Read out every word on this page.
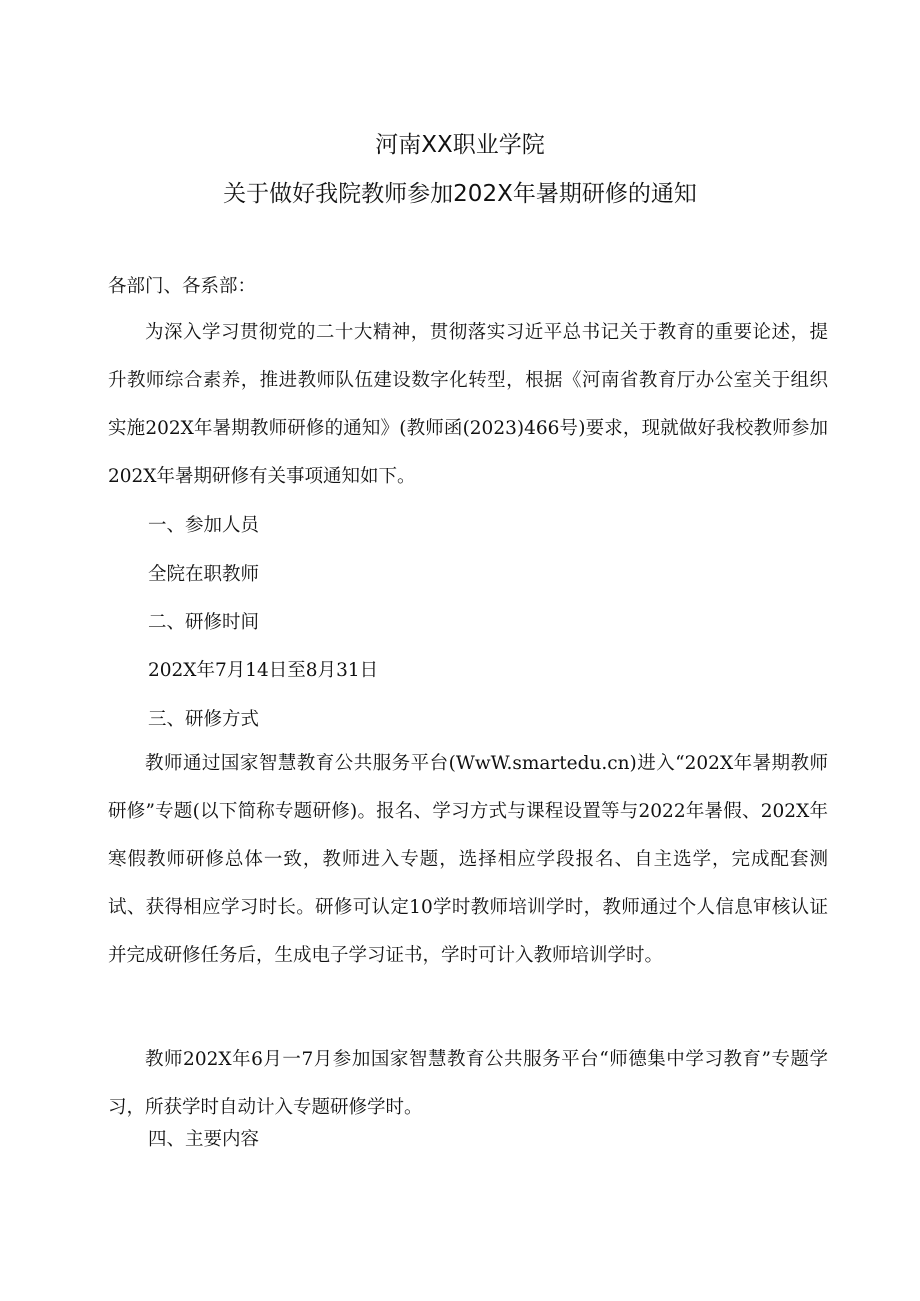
河南XX职业学院
关于做好我院教师参加202X年暑期研修的通知
各部门、各系部：
为深入学习贯彻党的二十大精神，贯彻落实习近平总书记关于教育的重要论述，提升教师综合素养，推进教师队伍建设数字化转型，根据《河南省教育厅办公室关于组织实施202X年暑期教师研修的通知》(教师函(2023)466号)要求，现就做好我校教师参加202X年暑期研修有关事项通知如下。
一、参加人员
全院在职教师
二、研修时间
202X年7月14日至8月31日
三、研修方式
教师通过国家智慧教育公共服务平台(WwW.smartedu.cn)进入“202X年暑期教师研修”专题(以下简称专题研修)。报名、学习方式与课程设置等与2022年暑假、202X年寒假教师研修总体一致，教师进入专题，选择相应学段报名、自主选学，完成配套测试、获得相应学习时长。研修可认定10学时教师培训学时，教师通过个人信息审核认证并完成研修任务后，生成电子学习证书，学时可计入教师培训学时。
教师202X年6月一7月参加国家智慧教育公共服务平台“师德集中学习教育”专题学习，所获学时自动计入专题研修学时。
四、主要内容
